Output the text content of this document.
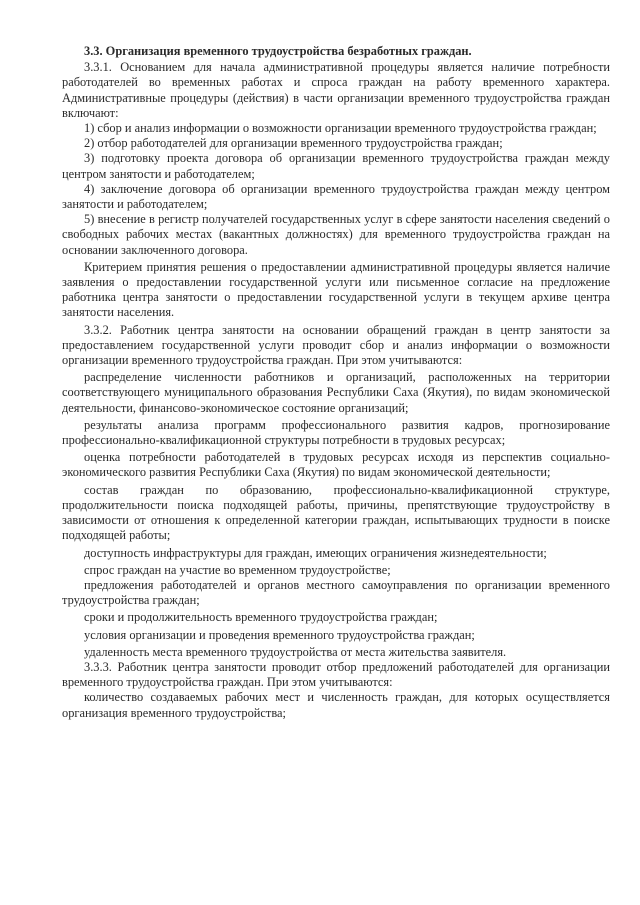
3.3. Организация временного трудоустройства безработных граждан.

3.3.1. Основанием для начала административной процедуры является наличие потребности работодателей во временных работах и спроса граждан на работу временного характера. Административные процедуры (действия) в части организации временного трудоустройства граждан включают:

1) сбор и анализ информации о возможности организации временного трудоустройства граждан;

2) отбор работодателей для организации временного трудоустройства граждан;

3) подготовку проекта договора об организации временного трудоустройства граждан между центром занятости и работодателем;

4) заключение договора об организации временного трудоустройства граждан между центром занятости и работодателем;

5) внесение в регистр получателей государственных услуг в сфере занятости населения сведений о свободных рабочих местах (вакантных должностях) для временного трудоустройства граждан на основании заключенного договора.

Критерием принятия решения о предоставлении административной процедуры является наличие заявления о предоставлении государственной услуги или письменное согласие на предложение работника центра занятости о предоставлении государственной услуги в текущем архиве центра занятости населения.

3.3.2. Работник центра занятости на основании обращений граждан в центр занятости за предоставлением государственной услуги проводит сбор и анализ информации о возможности организации временного трудоустройства граждан. При этом учитываются:

распределение численности работников и организаций, расположенных на территории соответствующего муниципального образования Республики Саха (Якутия), по видам экономической деятельности, финансово-экономическое состояние организаций;

результаты анализа программ профессионального развития кадров, прогнозирование профессионально-квалификационной структуры потребности в трудовых ресурсах;

оценка потребности работодателей в трудовых ресурсах исходя из перспектив социально-экономического развития Республики Саха (Якутия) по видам экономической деятельности;

состав граждан по образованию, профессионально-квалификационной структуре, продолжительности поиска подходящей работы, причины, препятствующие трудоустройству в зависимости от отношения к определенной категории граждан, испытывающих трудности в поиске подходящей работы;

доступность инфраструктуры для граждан, имеющих ограничения жизнедеятельности;

спрос граждан на участие во временном трудоустройстве;

предложения работодателей и органов местного самоуправления по организации временного трудоустройства граждан;

сроки и продолжительность временного трудоустройства граждан;

условия организации и проведения временного трудоустройства граждан;

удаленность места временного трудоустройства от места жительства заявителя.

3.3.3. Работник центра занятости проводит отбор предложений работодателей для организации временного трудоустройства граждан. При этом учитываются:

количество создаваемых рабочих мест и численность граждан, для которых осуществляется организация временного трудоустройства;
